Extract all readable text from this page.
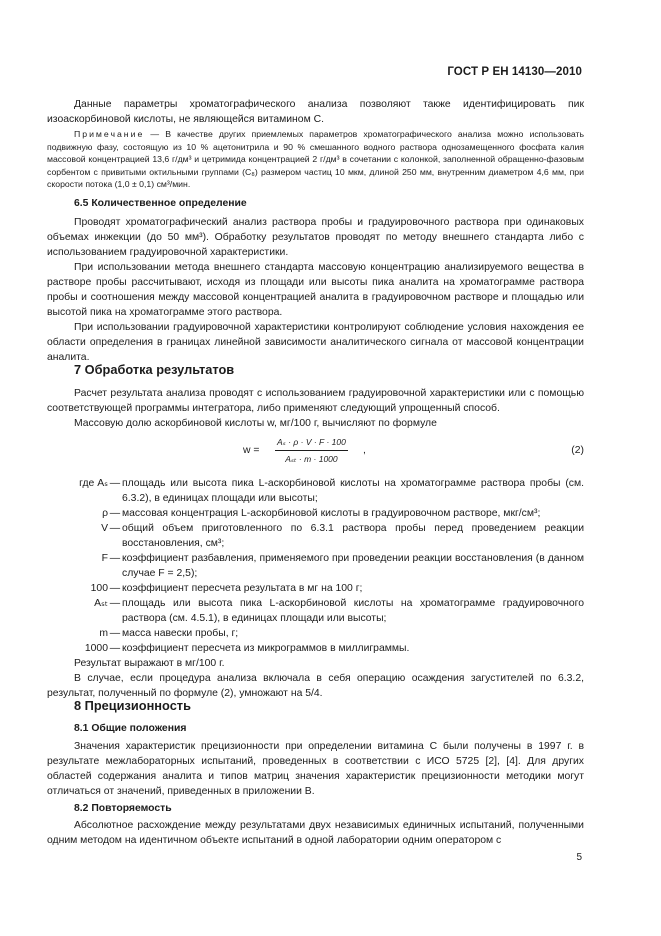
ГОСТ Р ЕН 14130—2010

Данные параметры хроматографического анализа позволяют также идентифицировать пик изоаскорбиновой кислоты, не являющейся витамином С.

Примечание — В качестве других приемлемых параметров хроматографического анализа можно использовать подвижную фазу, состоящую из 10 % ацетонитрила и 90 % смешанного водного раствора однозамещенного фосфата калия массовой концентрацией 13,6 г/дм³ и цетримида концентрацией 2 г/дм³ в сочетании с колонкой, заполненной обращенно-фазовым сорбентом с привитыми октильными группами (C₈) размером частиц 10 мкм, длиной 250 мм, внутренним диаметром 4,6 мм, при скорости потока (1,0 ± 0,1) см³/мин.

6.5 Количественное определение

Проводят хроматографический анализ раствора пробы и градуировочного раствора при одинаковых объемах инжекции (до 50 мм³). Обработку результатов проводят по методу внешнего стандарта либо с использованием градуировочной характеристики.

При использовании метода внешнего стандарта массовую концентрацию анализируемого вещества в растворе пробы рассчитывают, исходя из площади или высоты пика аналита на хроматограмме раствора пробы и соотношения между массовой концентрацией аналита в градуировочном растворе и площадью или высотой пика на хроматограмме этого раствора.

При использовании градуировочной характеристики контролируют соблюдение условия нахождения ее области определения в границах линейной зависимости аналитического сигнала от массовой концентрации аналита.

7 Обработка результатов

Расчет результата анализа проводят с использованием градуировочной характеристики или с помощью соответствующей программы интегратора, либо применяют следующий упрощенный способ.

Массовую долю аскорбиновой кислоты w, мг/100 г, вычисляют по формуле

w =
Aₛ · ρ · V · F · 100
Aₛₜ · m · 1000
,	(2)
где Aₛ — площадь или высота пика L-аскорбиновой кислоты на хроматограмме раствора пробы (см. 6.3.2), в единицах площади или высоты;
ρ — массовая концентрация L-аскорбиновой кислоты в градуировочном растворе, мкг/см³;
V — общий объем приготовленного по 6.3.1 раствора пробы перед проведением реакции восстановления, см³;
F — коэффициент разбавления, применяемого при проведении реакции восстановления (в данном случае F = 2,5);
100 — коэффициент пересчета результата в мг на 100 г;
Aₛₜ — площадь или высота пика L-аскорбиновой кислоты на хроматограмме градуировочного раствора (см. 4.5.1), в единицах площади или высоты;
m — масса навески пробы, г;
1000 — коэффициент пересчета из микрограммов в миллиграммы.

Результат выражают в мг/100 г.

В случае, если процедура анализа включала в себя операцию осаждения загустителей по 6.3.2, результат, полученный по формуле (2), умножают на 5/4.

8 Прецизионность

8.1 Общие положения

Значения характеристик прецизионности при определении витамина С были получены в 1997 г. в результате межлабораторных испытаний, проведенных в соответствии с ИСО 5725 [2], [4]. Для других областей содержания аналита и типов матриц значения характеристик прецизионности методики могут отличаться от значений, приведенных в приложении В.

8.2 Повторяемость

Абсолютное расхождение между результатами двух независимых единичных испытаний, полученными одним методом на идентичном объекте испытаний в одной лаборатории одним оператором с

5
